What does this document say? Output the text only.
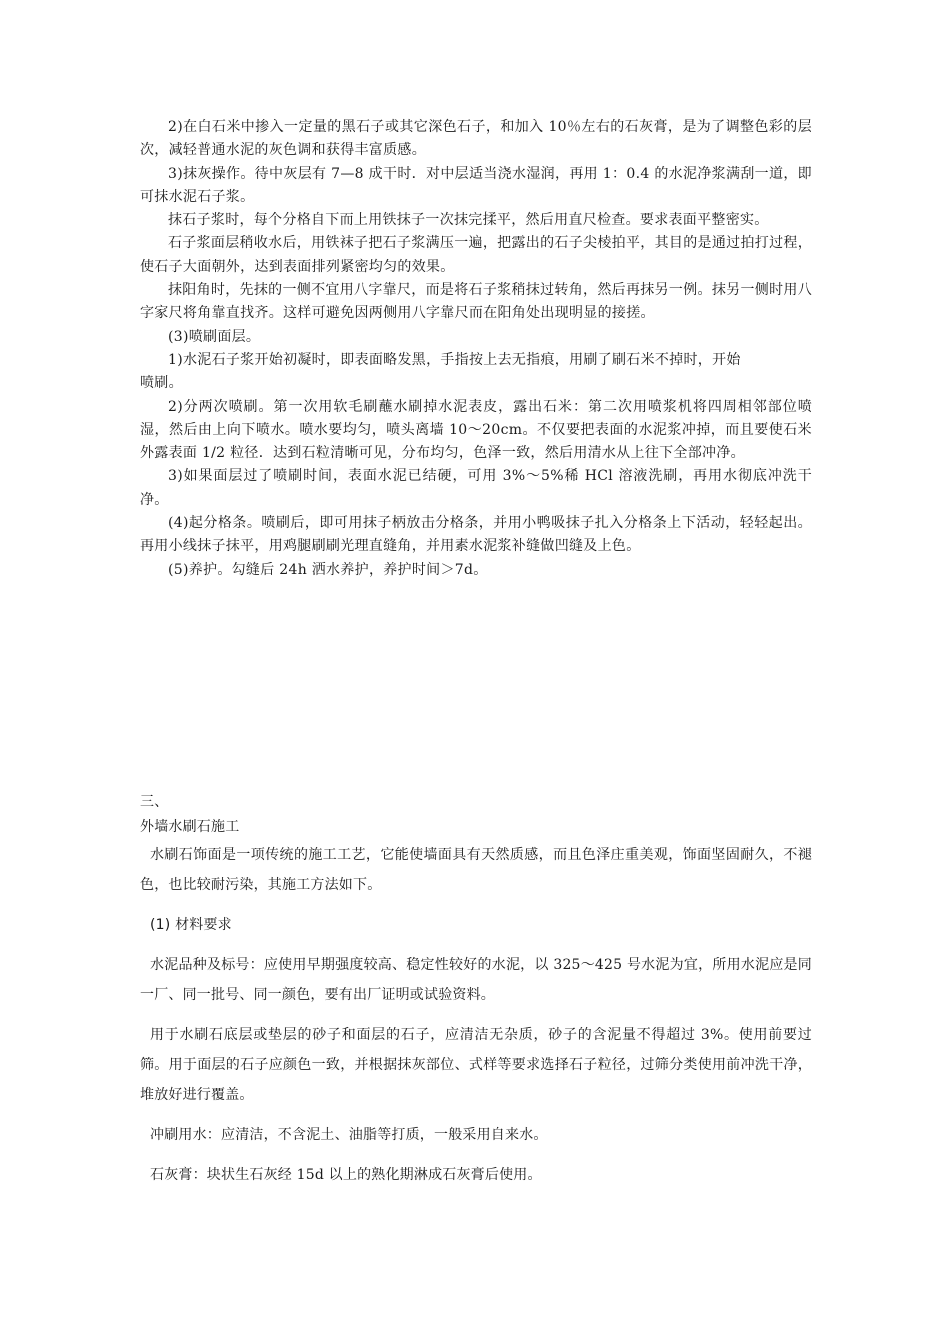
2)在白石米中掺入一定量的黑石子或其它深色石子，和加入 10％左右的石灰膏，是为了调整色彩的层次，减轻普通水泥的灰色调和获得丰富质感。

3)抹灰操作。待中灰层有 7—8 成干时．对中层适当浇水湿润，再用 1：0.4 的水泥净浆满刮一道，即可抹水泥石子浆。

抹石子浆时，每个分格自下而上用铁抹子一次抹完揉平，然后用直尺检查。要求表面平整密实。

石子浆面层稍收水后，用铁袜子把石子浆满压一遍，把露出的石子尖棱拍平，其目的是通过拍打过程，使石子大面朝外，达到表面排列紧密均匀的效果。

抹阳角时，先抹的一侧不宜用八字靠尺，而是将石子浆稍抹过转角，然后再抹另一例。抹另一侧时用八字家尺将角靠直找齐。这样可避免因两侧用八字靠尺而在阳角处出现明显的接搓。

(3)喷刷面层。

1)水泥石子浆开始初凝时，即表面略发黑，手指按上去无指痕，用刷了刷石米不掉时，开始

喷刷。

2)分两次喷刷。第一次用软毛刷蘸水刷掉水泥表皮，露出石米：第二次用喷浆机将四周相邻部位喷湿，然后由上向下喷水。喷水要均匀，喷头离墙 10～20cm。不仅要把表面的水泥浆冲掉，而且要使石米外露表面 1/2 粒径．达到石粒清晰可见，分布均匀，色泽一致，然后用清水从上往下全部冲净。

3)如果面层过了喷刷时间，表面水泥已结硬，可用 3%～5%稀 HCl 溶液洗刷，再用水彻底冲洗干净。

(4)起分格条。喷刷后，即可用抹子柄放击分格条，并用小鸭吸抹子扎入分格条上下活动，轻轻起出。再用小线抹子抹平，用鸡腿刷刷光理直缝角，并用素水泥浆补缝做凹缝及上色。

(5)养护。勾缝后 24h 洒水养护，养护时间＞7d。

三、

外墙水刷石施工

水刷石饰面是一项传统的施工工艺，它能使墙面具有天然质感，而且色泽庄重美观，饰面坚固耐久，不褪色，也比较耐污染，其施工方法如下。

(1) 材料要求

水泥品种及标号：应使用早期强度较高、稳定性较好的水泥，以 325～425 号水泥为宜，所用水泥应是同一厂、同一批号、同一颜色，要有出厂证明或试验资料。

用于水刷石底层或垫层的砂子和面层的石子，应清洁无杂质，砂子的含泥量不得超过 3%。使用前要过筛。用于面层的石子应颜色一致，并根据抹灰部位、式样等要求选择石子粒径，过筛分类使用前冲洗干净，堆放好进行覆盖。

冲刷用水：应清洁，不含泥土、油脂等打质，一般采用自来水。

石灰膏：块状生石灰经 15d 以上的熟化期淋成石灰膏后使用。
